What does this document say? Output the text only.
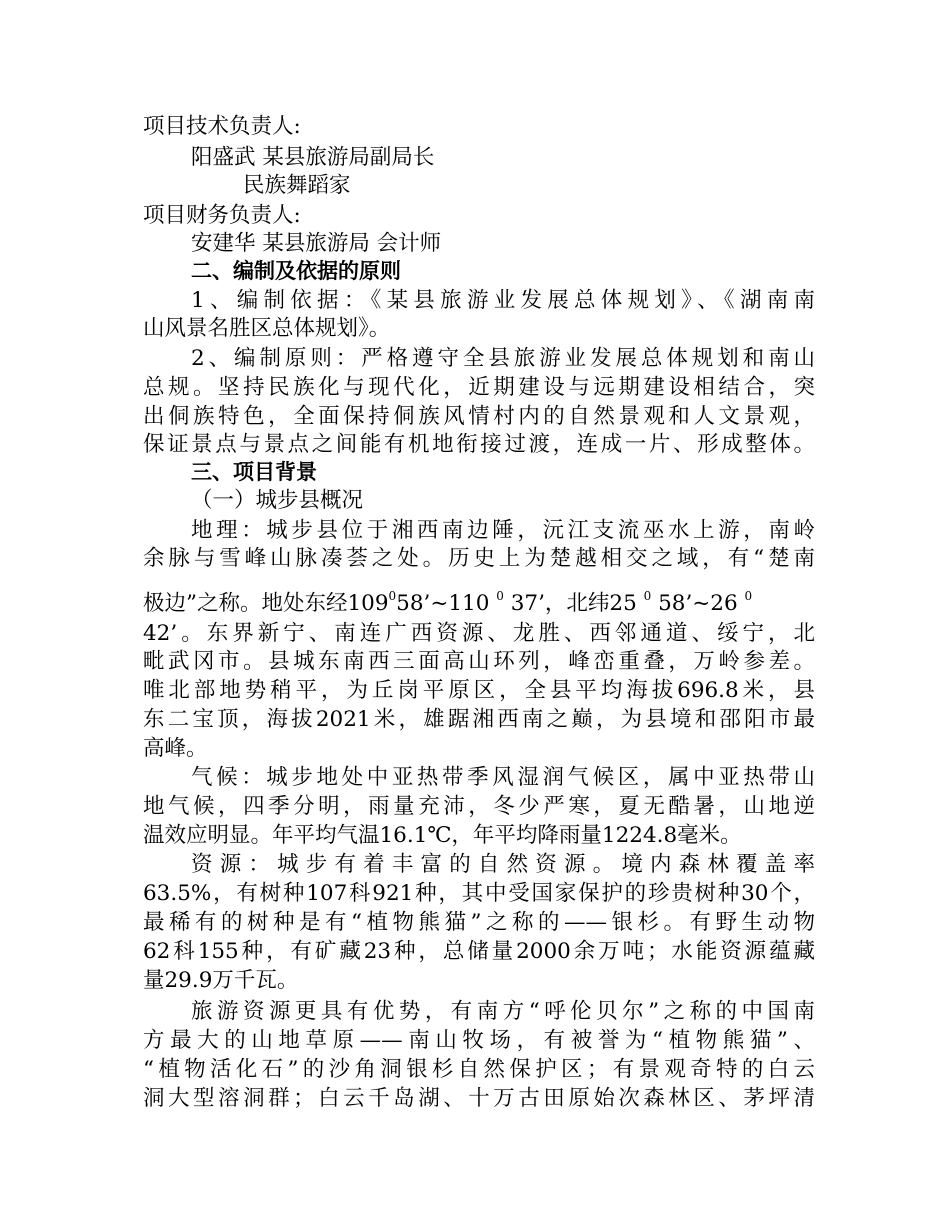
项目技术负责人:
阳盛武 某县旅游局副局长
民族舞蹈家
项目财务负责人:
安建华 某县旅游局 会计师
二、编制及依据的原则
1、编制依据：《某县旅游业发展总体规划》、《湖南南
山风景名胜区总体规划》。
2、编制原则：严格遵守全县旅游业发展总体规划和南山
总规。坚持民族化与现代化，近期建设与远期建设相结合，突
出侗族特色，全面保持侗族风情村内的自然景观和人文景观，
保证景点与景点之间能有机地衔接过渡，连成一片、形成整体。
三、项目背景
（一）城步县概况
地理：城步县位于湘西南边陲，沅江支流巫水上游，南岭
余脉与雪峰山脉凑荟之处。历史上为楚越相交之域，有“楚南
极边”之称。地处东经$109^058’\sim 110$ $^0$ 37’，北纬25 $^0$ 58’~26 $^0$
42’。东界新宁、南连广西资源、龙胜、西邻通道、绥宁，北
毗武冈市。县城东南西三面高山环列，峰峦重叠，万岭参差。
唯北部地势稍平，为丘岗平原区，全县平均海拔696.8米，县
东二宝顶，海拔2021米，雄踞湘西南之巅，为县境和邵阳市最
高峰。
气候：城步地处中亚热带季风湿润气候区，属中亚热带山
地气候，四季分明，雨量充沛，冬少严寒，夏无酷暑，山地逆
温效应明显。年平均气温16.1℃，年平均降雨量1224.8毫米。
资源：城步有着丰富的自然资源。境内森林覆盖率
63.5%，有树种107科921种，其中受国家保护的珍贵树种30个，
最稀有的树种是有“植物熊猫”之称的——银杉。有野生动物
62科155种，有矿藏23种，总储量2000余万吨；水能资源蕴藏
量29.9万千瓦。
旅游资源更具有优势，有南方“呼伦贝尔”之称的中国南
方最大的山地草原——南山牧场，有被誉为“植物熊猫”、
“植物活化石”的沙角洞银杉自然保护区；有景观奇特的白云
洞大型溶洞群；白云千岛湖、十万古田原始次森林区、茅坪清
